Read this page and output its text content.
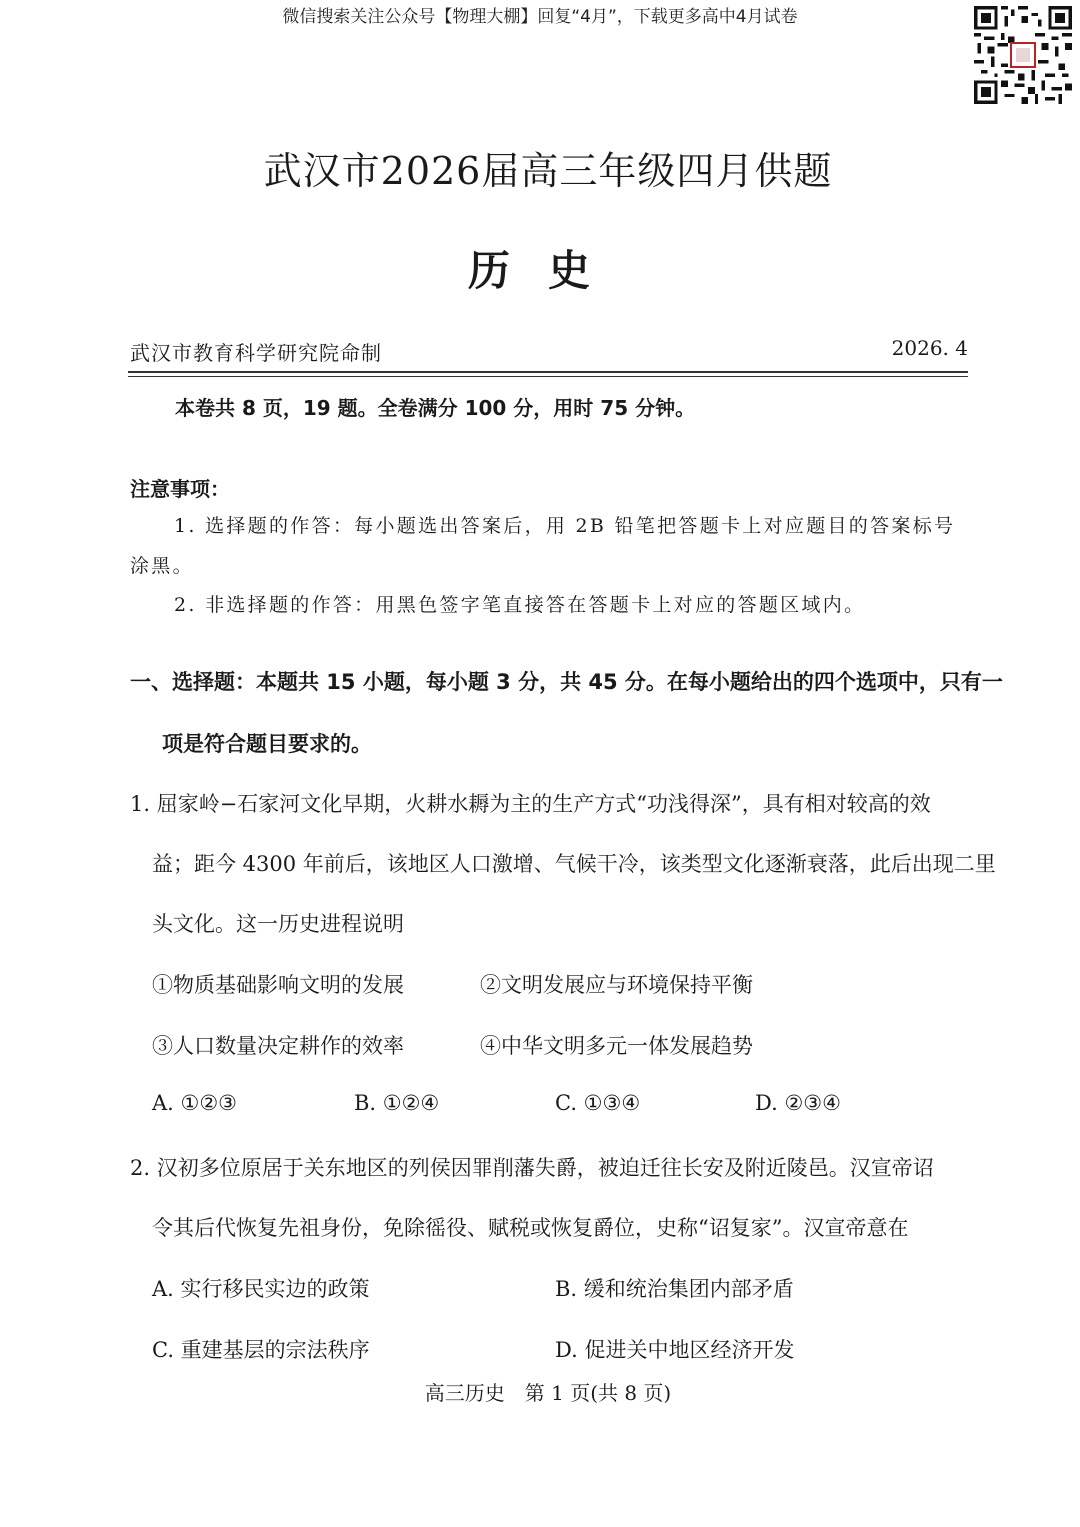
微信搜索关注公众号【物理大棚】回复“4月”，下载更多高中4月试卷
武汉市2026届高三年级四月供题
历史
武汉市教育科学研究院命制	2026. 4
本卷共 8 页，19 题。全卷满分 100 分，用时 75 分钟。
注意事项：
1. 选择题的作答：每小题选出答案后，用 2B 铅笔把答题卡上对应题目的答案标号
涂黑。
2. 非选择题的作答：用黑色签字笔直接答在答题卡上对应的答题区域内。
一、选择题：本题共 15 小题，每小题 3 分，共 45 分。在每小题给出的四个选项中，只有一
项是符合题目要求的。
1. 屈家岭−石家河文化早期，火耕水耨为主的生产方式“功浅得深”，具有相对较高的效
益；距今 4300 年前后，该地区人口激增、气候干冷，该类型文化逐渐衰落，此后出现二里
头文化。这一历史进程说明
①物质基础影响文明的发展	②文明发展应与环境保持平衡
③人口数量决定耕作的效率	④中华文明多元一体发展趋势
A. ①②③	B. ①②④	C. ①③④	D. ②③④
2. 汉初多位原居于关东地区的列侯因罪削藩失爵，被迫迁往长安及附近陵邑。汉宣帝诏
令其后代恢复先祖身份，免除徭役、赋税或恢复爵位，史称“诏复家”。汉宣帝意在
A. 实行移民实边的政策	B. 缓和统治集团内部矛盾
C. 重建基层的宗法秩序	D. 促进关中地区经济开发
高三历史　第 1 页(共 8 页)
